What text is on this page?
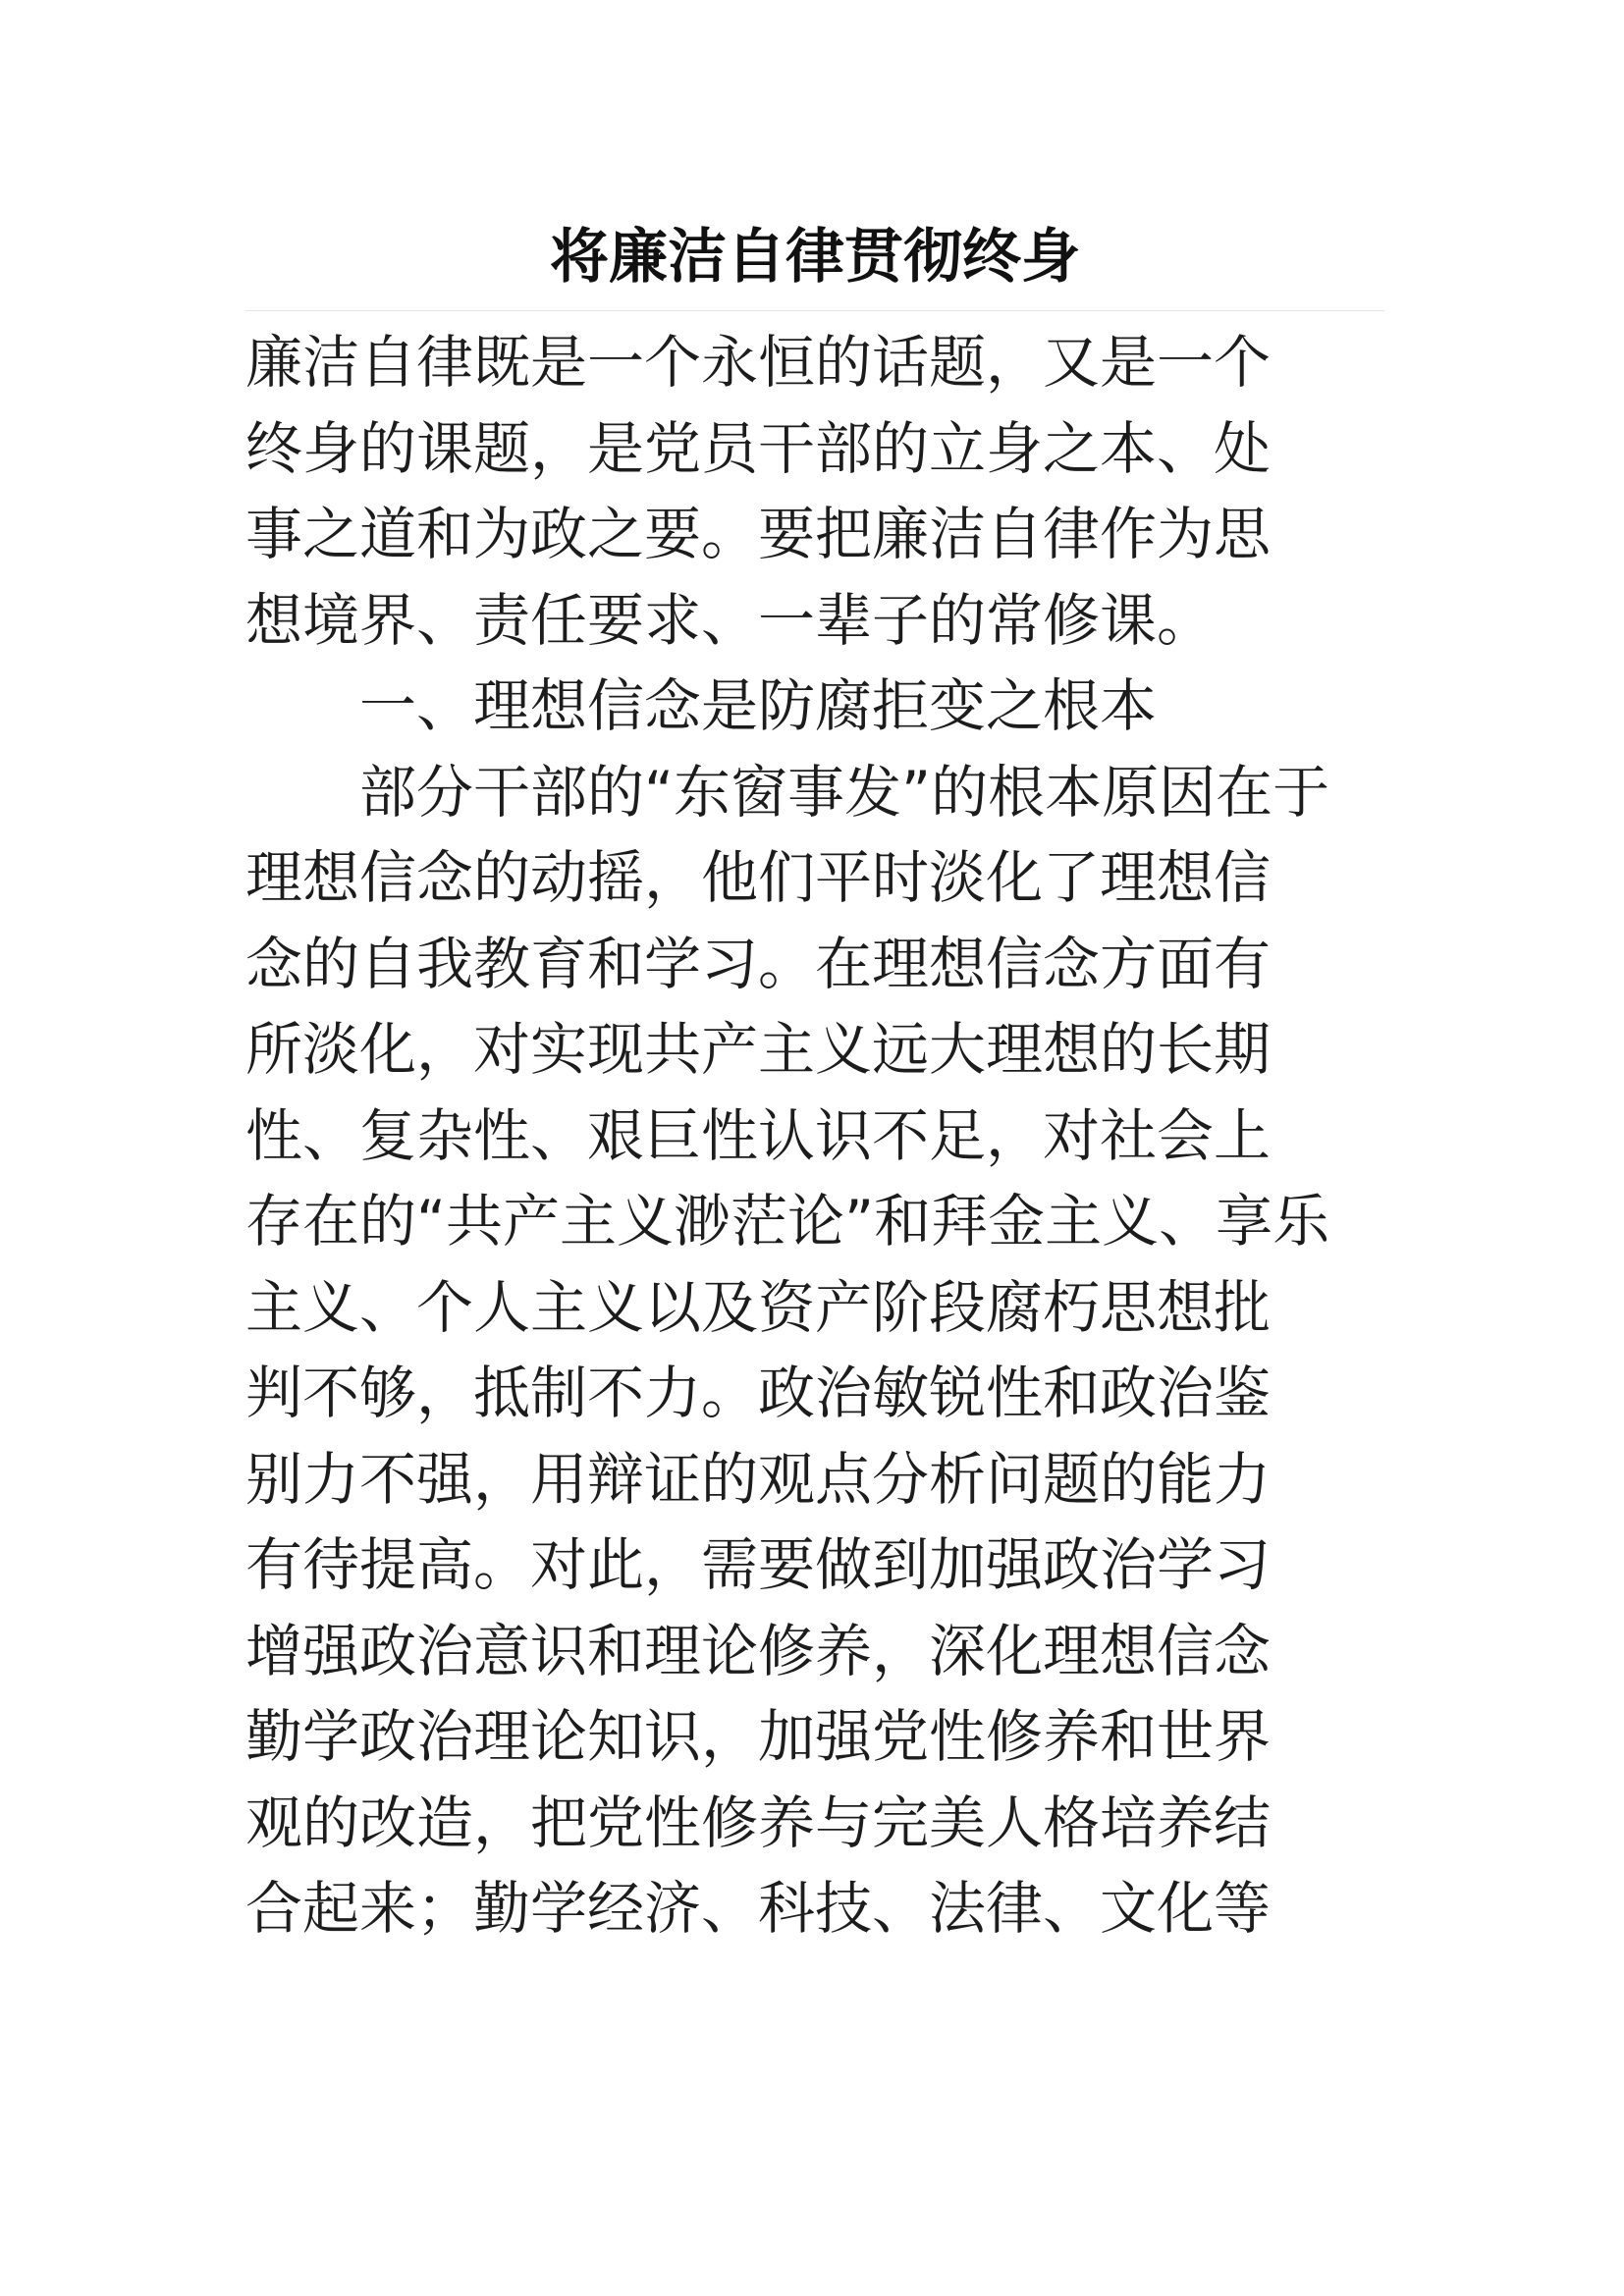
将廉洁自律贯彻终身

廉洁自律既是一个永恒的话题，又是一个

终身的课题，是党员干部的立身之本、处

事之道和为政之要。要把廉洁自律作为思

想境界、责任要求、一辈子的常修课。

一、理想信念是防腐拒变之根本

部分干部的“东窗事发”的根本原因在于

理想信念的动摇，他们平时淡化了理想信

念的自我教育和学习。在理想信念方面有

所淡化，对实现共产主义远大理想的长期

性、复杂性、艰巨性认识不足，对社会上

存在的“共产主义渺茫论”和拜金主义、享乐

主义、个人主义以及资产阶段腐朽思想批

判不够，抵制不力。政治敏锐性和政治鉴

别力不强，用辩证的观点分析问题的能力

有待提高。对此，需要做到加强政治学习

增强政治意识和理论修养，深化理想信念

勤学政治理论知识，加强党性修养和世界

观的改造，把党性修养与完美人格培养结

合起来；勤学经济、科技、法律、文化等
